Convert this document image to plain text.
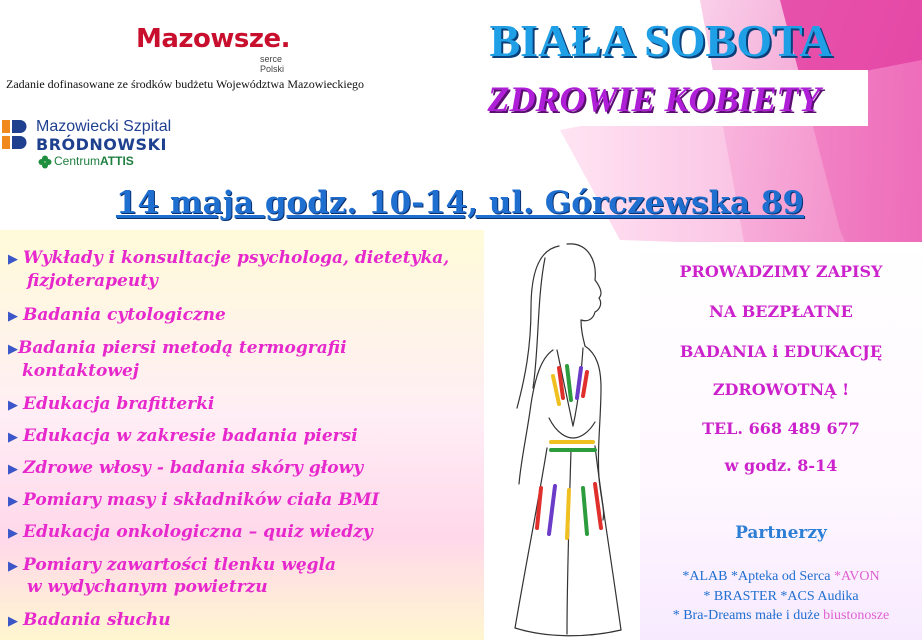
Mazowsze.
serce Polski
Zadanie dofinasowane ze środków budżetu Województwa Mazowieckiego
Mazowiecki Szpital
BRÓDNOWSKI
CentrumATTIS
BIAŁA SOBOTA
ZDROWIE KOBIETY
14 maja godz. 10-14, ul. Górczewska 89
▶ Wykłady i konsultacje psychologa, dietetyka,
fizjoterapeuty
▶ Badania cytologiczne
▶Badania piersi metodą termografii
kontaktowej
▶ Edukacja brafitterki
▶ Edukacja w zakresie badania piersi
▶ Zdrowe włosy - badania skóry głowy
▶ Pomiary masy i składników ciała BMI
▶ Edukacja onkologiczna – quiz wiedzy
▶ Pomiary zawartości tlenku węgla
w wydychanym powietrzu
▶ Badania słuchu
PROWADZIMY ZAPISY
NA BEZPŁATNE
BADANIA i EDUKACJĘ
ZDROWOTNĄ !
TEL. 668 489 677
w godz. 8-14
Partnerzy
*ALAB *Apteka od Serca *AVON
* BRASTER *ACS Audika
* Bra-Dreams małe i duże biustonosze
